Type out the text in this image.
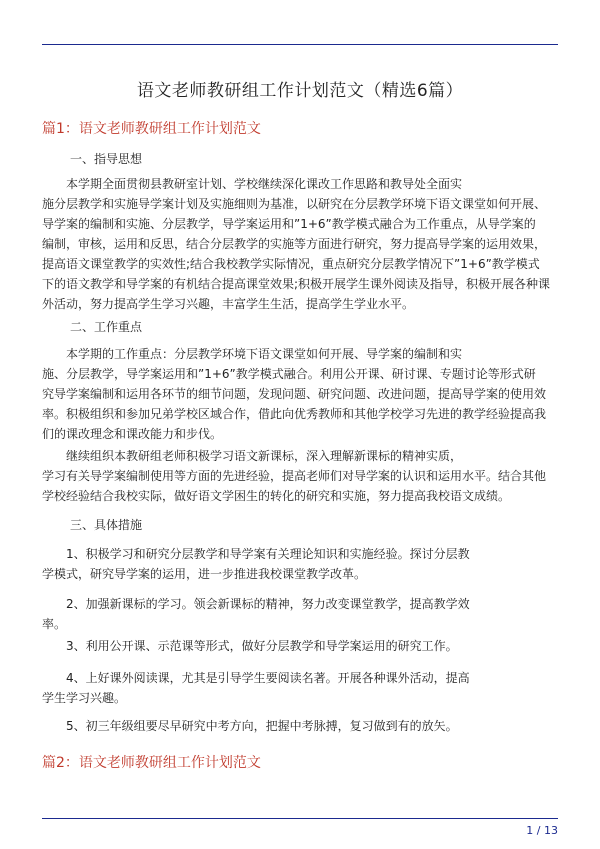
语文老师教研组工作计划范文（精选6篇）
篇1：语文老师教研组工作计划范文
一、指导思想
本学期全面贯彻县教研室计划、学校继续深化课改工作思路和教导处全面实
施分层教学和实施导学案计划及实施细则为基准，以研究在分层教学环境下语文课堂如何开展、
导学案的编制和实施、分层教学，导学案运用和”1+6”教学模式融合为工作重点，从导学案的
编制，审核，运用和反思，结合分层教学的实施等方面进行研究，努力提高导学案的运用效果，
提高语文课堂教学的实效性;结合我校教学实际情况，重点研究分层教学情况下”1+6”教学模式
下的语文教学和导学案的有机结合提高课堂效果;积极开展学生课外阅读及指导，积极开展各种课
外活动，努力提高学生学习兴趣，丰富学生生活，提高学生学业水平。
二、工作重点
本学期的工作重点：分层教学环境下语文课堂如何开展、导学案的编制和实
施、分层教学，导学案运用和”1+6”教学模式融合。利用公开课、研讨课、专题讨论等形式研
究导学案编制和运用各环节的细节问题，发现问题、研究问题、改进问题，提高导学案的使用效
率。积极组织和参加兄弟学校区域合作，借此向优秀教师和其他学校学习先进的教学经验提高我
们的课改理念和课改能力和步伐。
继续组织本教研组老师积极学习语文新课标，深入理解新课标的精神实质，
学习有关导学案编制使用等方面的先进经验，提高老师们对导学案的认识和运用水平。结合其他
学校经验结合我校实际，做好语文学困生的转化的研究和实施，努力提高我校语文成绩。
三、具体措施
1、积极学习和研究分层教学和导学案有关理论知识和实施经验。探讨分层教
学模式，研究导学案的运用，进一步推进我校课堂教学改革。
2、加强新课标的学习。领会新课标的精神，努力改变课堂教学，提高教学效
率。
3、利用公开课、示范课等形式，做好分层教学和导学案运用的研究工作。
4、上好课外阅读课，尤其是引导学生要阅读名著。开展各种课外活动，提高
学生学习兴趣。
5、初三年级组要尽早研究中考方向，把握中考脉搏，复习做到有的放矢。
篇2：语文老师教研组工作计划范文
1 / 13
